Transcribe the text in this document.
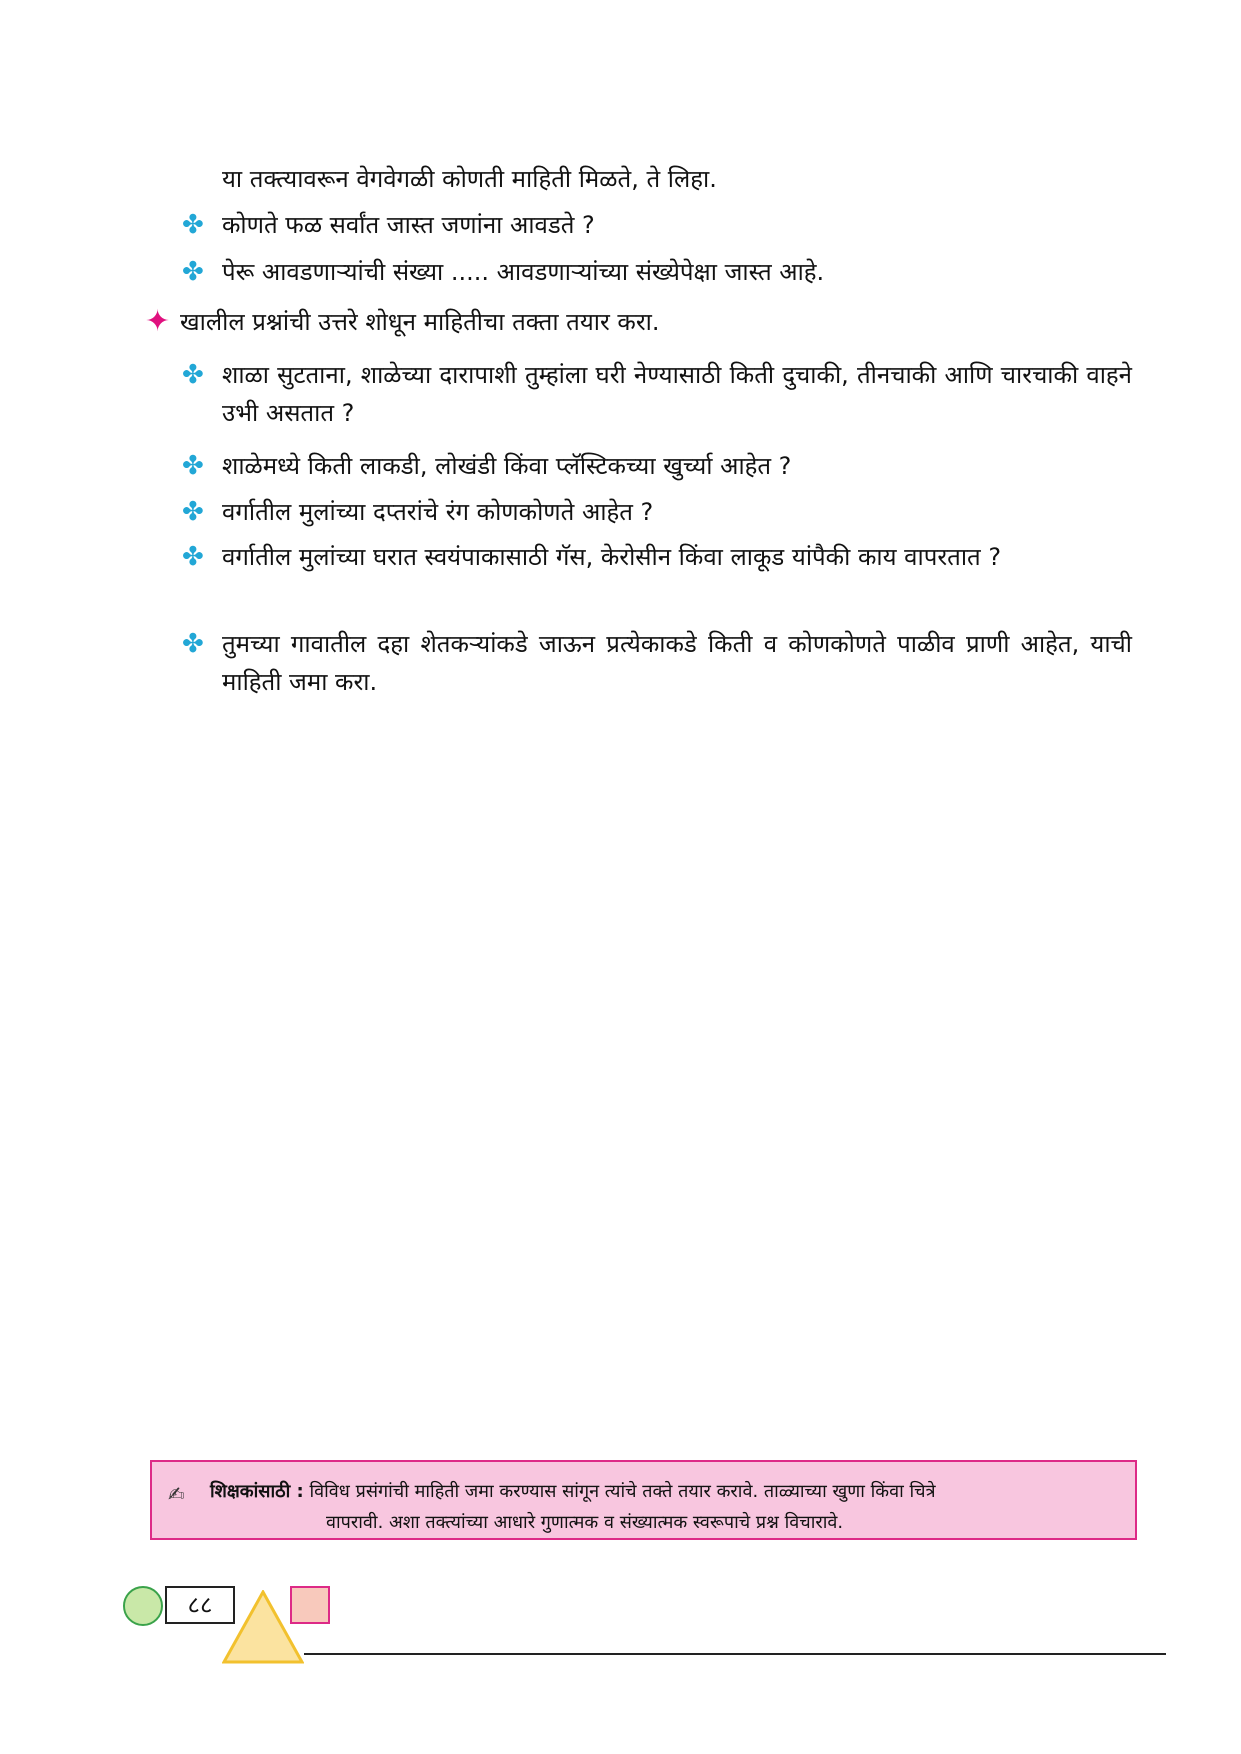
या तक्त्यावरून वेगवेगळी कोणती माहिती मिळते, ते लिहा.
✤ कोणते फळ सर्वांत जास्त जणांना आवडते ?
✤ पेरू आवडणाऱ्यांची संख्या ..... आवडणाऱ्यांच्या संख्येपेक्षा जास्त आहे.
✦ खालील प्रश्नांची उत्तरे शोधून माहितीचा तक्ता तयार करा.
✤ शाळा सुटताना, शाळेच्या दारापाशी तुम्हांला घरी नेण्यासाठी किती दुचाकी, तीनचाकी आणि चारचाकी वाहने उभी असतात ?
✤ शाळेमध्ये किती लाकडी, लोखंडी किंवा प्लॅस्टिकच्या खुर्च्या आहेत ?
✤ वर्गातील मुलांच्या दप्तरांचे रंग कोणकोणते आहेत ?
✤ वर्गातील मुलांच्या घरात स्वयंपाकासाठी गॅस, केरोसीन किंवा लाकूड यांपैकी काय वापरतात ?
✤ तुमच्या गावातील दहा शेतकऱ्यांकडे जाऊन प्रत्येकाकडे किती व कोणकोणते पाळीव प्राणी आहेत, याची माहिती जमा करा.
✍ शिक्षकांसाठी : विविध प्रसंगांची माहिती जमा करण्यास सांगून त्यांचे तक्ते तयार करावे. ताळ्याच्या खुणा किंवा चित्रे
वापरावी. अशा तक्त्यांच्या आधारे गुणात्मक व संख्यात्मक स्वरूपाचे प्रश्न विचारावे.
८८
